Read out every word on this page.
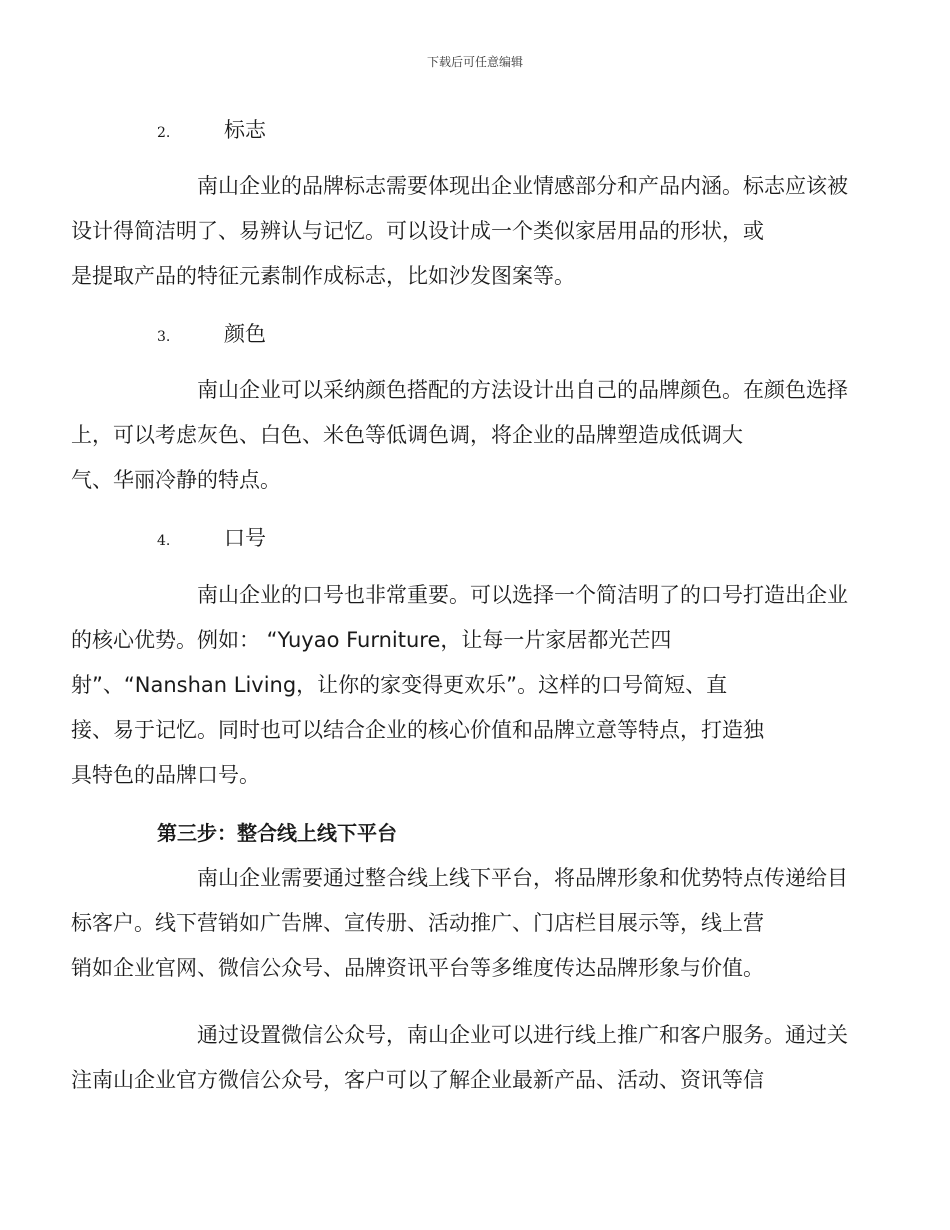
下载后可任意编辑
2.	标志
南山企业的品牌标志需要体现出企业情感部分和产品内涵。标志应该被
设计得简洁明了、易辨认与记忆。可以设计成一个类似家居用品的形状，或
是提取产品的特征元素制作成标志，比如沙发图案等。
3.	颜色
南山企业可以采纳颜色搭配的方法设计出自己的品牌颜色。在颜色选择
上，可以考虑灰色、白色、米色等低调色调，将企业的品牌塑造成低调大
气、华丽冷静的特点。
4.	口号
南山企业的口号也非常重要。可以选择一个简洁明了的口号打造出企业
的核心优势。例如： “Yuyao Furniture，让每一片家居都光芒四
射”、“Nanshan Living，让你的家变得更欢乐”。这样的口号简短、直
接、易于记忆。同时也可以结合企业的核心价值和品牌立意等特点，打造独
具特色的品牌口号。
第三步：整合线上线下平台
南山企业需要通过整合线上线下平台，将品牌形象和优势特点传递给目
标客户。线下营销如广告牌、宣传册、活动推广、门店栏目展示等，线上营
销如企业官网、微信公众号、品牌资讯平台等多维度传达品牌形象与价值。
通过设置微信公众号，南山企业可以进行线上推广和客户服务。通过关
注南山企业官方微信公众号，客户可以了解企业最新产品、活动、资讯等信
